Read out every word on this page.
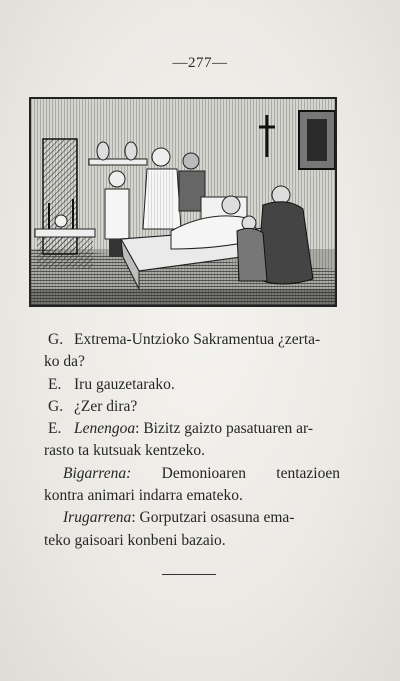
—277—
G. Extrema-Untzioko Sakramentua ¿zerta-
ko da?
E. Iru gauzetarako.
G. ¿Zer dira?
E. Lenengoa: Bizitz gaizto pasatuaren ar-
rasto ta kutsuak kentzeko.
Bigarrena: Demonioaren tentazioen
kontra animari indarra emateko.
Irugarrena: Gorputzari osasuna ema-
teko gaisoari konbeni bazaio.
